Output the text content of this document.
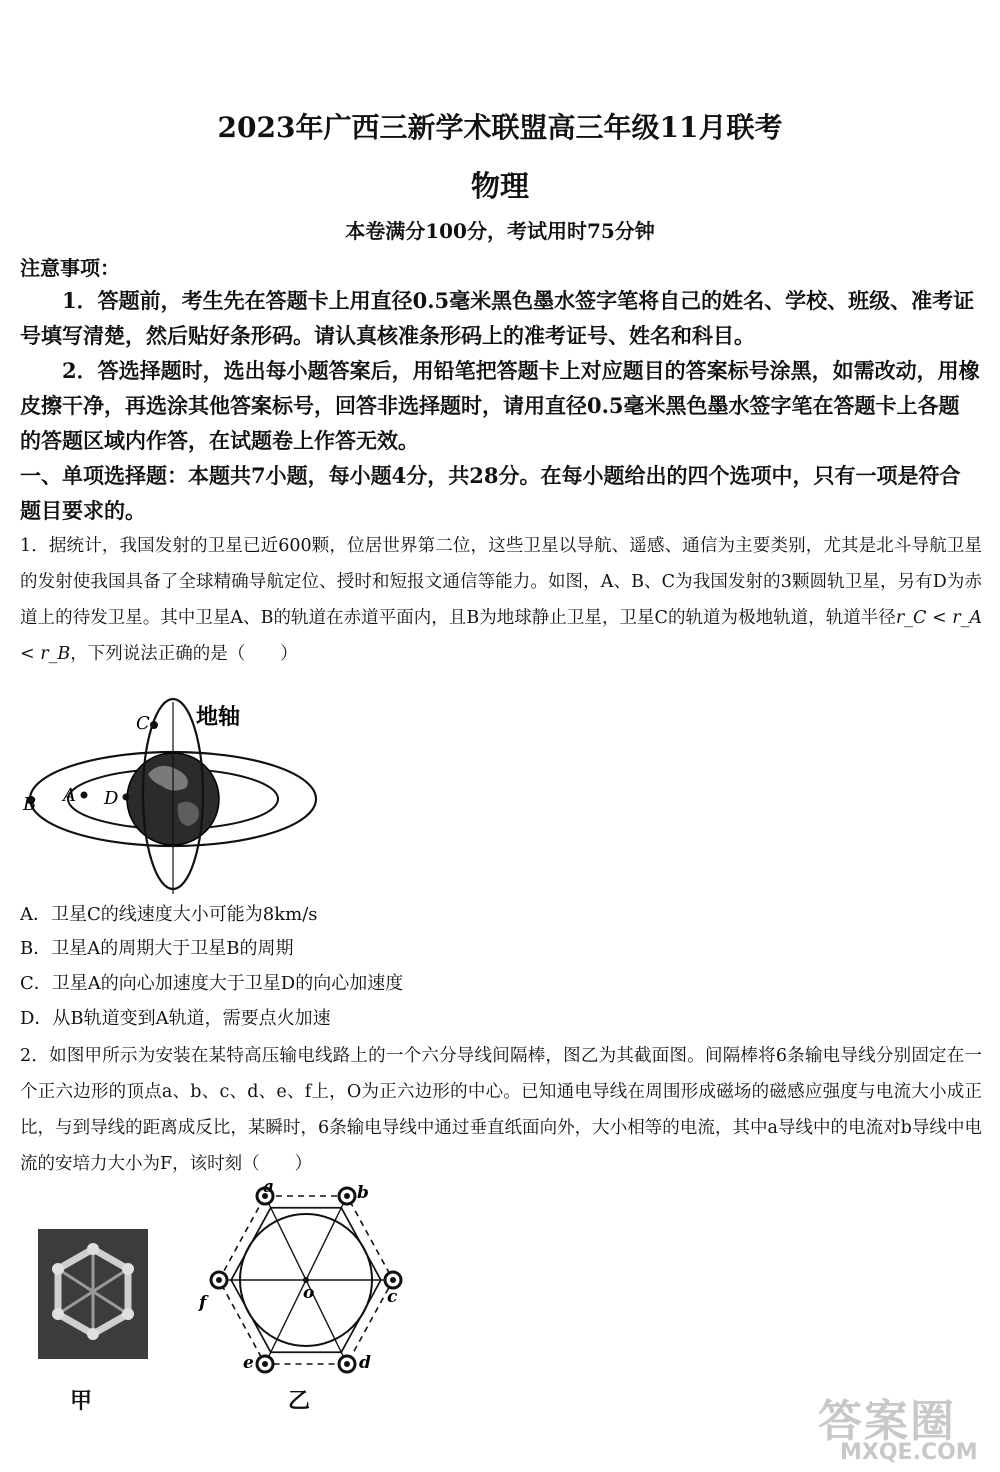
2023年广西三新学术联盟高三年级11月联考
物理
本卷满分100分，考试用时75分钟
注意事项：
1．答题前，考生先在答题卡上用直径0.5毫米黑色墨水签字笔将自己的姓名、学校、班级、准考证号填写清楚，然后贴好条形码。请认真核准条形码上的准考证号、姓名和科目。
2．答选择题时，选出每小题答案后，用铅笔把答题卡上对应题目的答案标号涂黑，如需改动，用橡皮擦干净，再选涂其他答案标号，回答非选择题时，请用直径0.5毫米黑色墨水签字笔在答题卡上各题的答题区域内作答，在试题卷上作答无效。
一、单项选择题：本题共7小题，每小题4分，共28分。在每小题给出的四个选项中，只有一项是符合题目要求的。
1．据统计，我国发射的卫星已近600颗，位居世界第二位，这些卫星以导航、遥感、通信为主要类别，尤其是北斗导航卫星的发射使我国具备了全球精确导航定位、授时和短报文通信等能力。如图，A、B、C为我国发射的3颗圆轨卫星，另有D为赤道上的待发卫星。其中卫星A、B的轨道在赤道平面内，且B为地球静止卫星，卫星C的轨道为极地轨道，轨道半径r_C < r_A < r_B，下列说法正确的是（　　）
地轴
B A D
C
A．卫星C的线速度大小可能为8km/s
B．卫星A的周期大于卫星B的周期
C．卫星A的向心加速度大于卫星D的向心加速度
D．从B轨道变到A轨道，需要点火加速
2．如图甲所示为安装在某特高压输电线路上的一个六分导线间隔棒，图乙为其截面图。间隔棒将6条输电导线分别固定在一个正六边形的顶点a、b、c、d、e、f上，O为正六边形的中心。已知通电导线在周围形成磁场的磁感应强度与电流大小成正比，与到导线的距离成反比，某瞬时，6条输电导线中通过垂直纸面向外，大小相等的电流，其中a导线中的电流对b导线中电流的安培力大小为F，该时刻（　　）
甲
a	b
c
d
e
f	o
乙	答案圈
MXQE.COM
